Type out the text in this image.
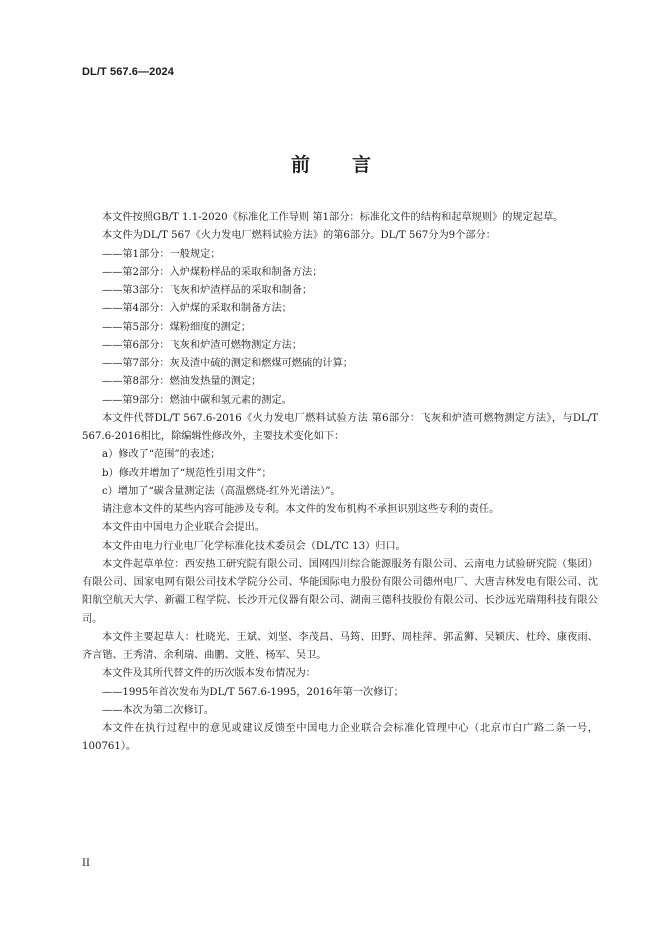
DL/T 567.6—2024
前 言

本文件按照GB/T 1.1-2020《标准化工作导则 第1部分：标准化文件的结构和起草规则》的规定起草。

本文件为DL/T 567《火力发电厂燃料试验方法》的第6部分。DL/T 567分为9个部分：

——第1部分：一般规定；

——第2部分：入炉煤粉样品的采取和制备方法；

——第3部分：飞灰和炉渣样品的采取和制备；

——第4部分：入炉煤的采取和制备方法；

——第5部分：煤粉细度的测定；

——第6部分：飞灰和炉渣可燃物测定方法；

——第7部分：灰及渣中硫的测定和燃煤可燃硫的计算；

——第8部分：燃油发热量的测定；

——第9部分：燃油中碳和氢元素的测定。

本文件代替DL/T 567.6-2016《火力发电厂燃料试验方法 第6部分：飞灰和炉渣可燃物测定方法》，与DL/T 567.6-2016相比，除编辑性修改外，主要技术变化如下：

a）修改了“范围”的表述；

b）修改并增加了“规范性引用文件”；

c）增加了“碳含量测定法（高温燃烧-红外光谱法）”。

请注意本文件的某些内容可能涉及专利。本文件的发布机构不承担识别这些专利的责任。

本文件由中国电力企业联合会提出。

本文件由电力行业电厂化学标准化技术委员会（DL/TC 13）归口。

本文件起草单位：西安热工研究院有限公司、国网四川综合能源服务有限公司、云南电力试验研究院（集团）有限公司、国家电网有限公司技术学院分公司、华能国际电力股份有限公司德州电厂、大唐吉林发电有限公司、沈阳航空航天大学、新疆工程学院、长沙开元仪器有限公司、湖南三德科技股份有限公司、长沙远光瑞翔科技有限公司。

本文件主要起草人：杜晓光、王斌、刘坚、李茂昌、马筠、田野、周桂萍、郭孟狮、吴颖庆、杜玲、康夜雨、齐言锴、王秀清、余利瑞、曲鹏、文胜、杨军、吴卫。

本文件及其所代替文件的历次版本发布情况为：

——1995年首次发布为DL/T 567.6-1995，2016年第一次修订；

——本次为第二次修订。

本文件在执行过程中的意见或建议反馈至中国电力企业联合会标准化管理中心（北京市白广路二条一号，100761）。

II
